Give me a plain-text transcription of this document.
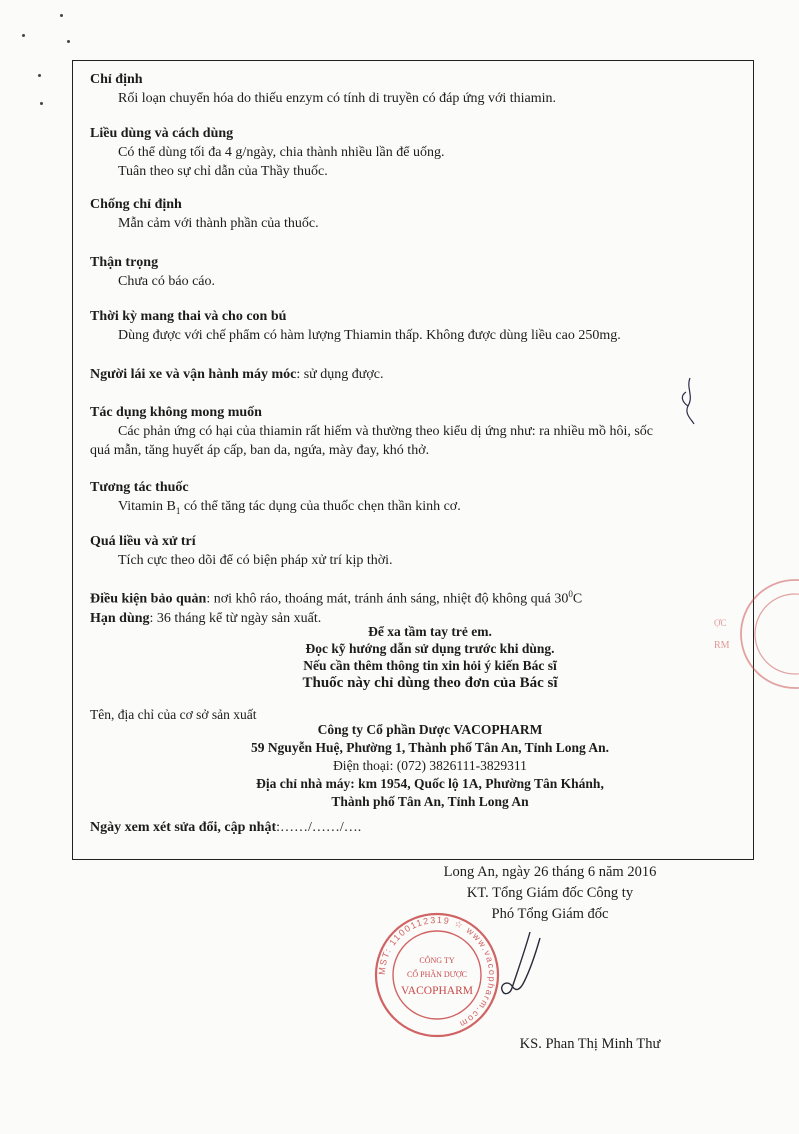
Chỉ định
Rối loạn chuyển hóa do thiếu enzym có tính di truyền có đáp ứng với thiamin.
Liều dùng và cách dùng
Có thể dùng tối đa 4 g/ngày, chia thành nhiều lần để uống.
Tuân theo sự chỉ dẫn của Thầy thuốc.
Chống chỉ định
Mẫn cảm với thành phần của thuốc.
Thận trọng
Chưa có báo cáo.
Thời kỳ mang thai và cho con bú
Dùng được với chế phẩm có hàm lượng Thiamin thấp. Không được dùng liều cao 250mg.
Người lái xe và vận hành máy móc: sử dụng được.
Tác dụng không mong muốn
Các phản ứng có hại của thiamin rất hiếm và thường theo kiểu dị ứng như: ra nhiều mồ hôi, sốc
quá mẫn, tăng huyết áp cấp, ban da, ngứa, mày đay, khó thở.
Tương tác thuốc
Vitamin $B_1$ có thể tăng tác dụng của thuốc chẹn thần kinh cơ.
Quá liều và xử trí
Tích cực theo dõi để có biện pháp xử trí kịp thời.
Điều kiện bảo quản: nơi khô ráo, thoáng mát, tránh ánh sáng, nhiệt độ không quá $30^0C$
Hạn dùng: 36 tháng kể từ ngày sản xuất.
Để xa tầm tay trẻ em.
Đọc kỹ hướng dẫn sử dụng trước khi dùng.
Nếu cần thêm thông tin xin hỏi ý kiến Bác sĩ
Thuốc này chỉ dùng theo đơn của Bác sĩ
Tên, địa chỉ của cơ sở sản xuất
Công ty Cổ phần Dược VACOPHARM
59 Nguyễn Huệ, Phường 1, Thành phố Tân An, Tỉnh Long An.
Điện thoại: (072) 3826111-3829311
Địa chỉ nhà máy: km 1954, Quốc lộ 1A, Phường Tân Khánh,
Thành phố Tân An, Tỉnh Long An
Ngày xem xét sửa đổi, cập nhật:……/……/….
Long An, ngày 26 tháng 6 năm 2016
KT. Tổng Giám đốc Công ty
Phó Tổng Giám đốc
KS. Phan Thị Minh Thư
MST: 1100112319 ☆ www.vacopharm.com
CÔNG TY
CỔ PHẦN DƯỢC
VACOPHARM
ỢC
RM
